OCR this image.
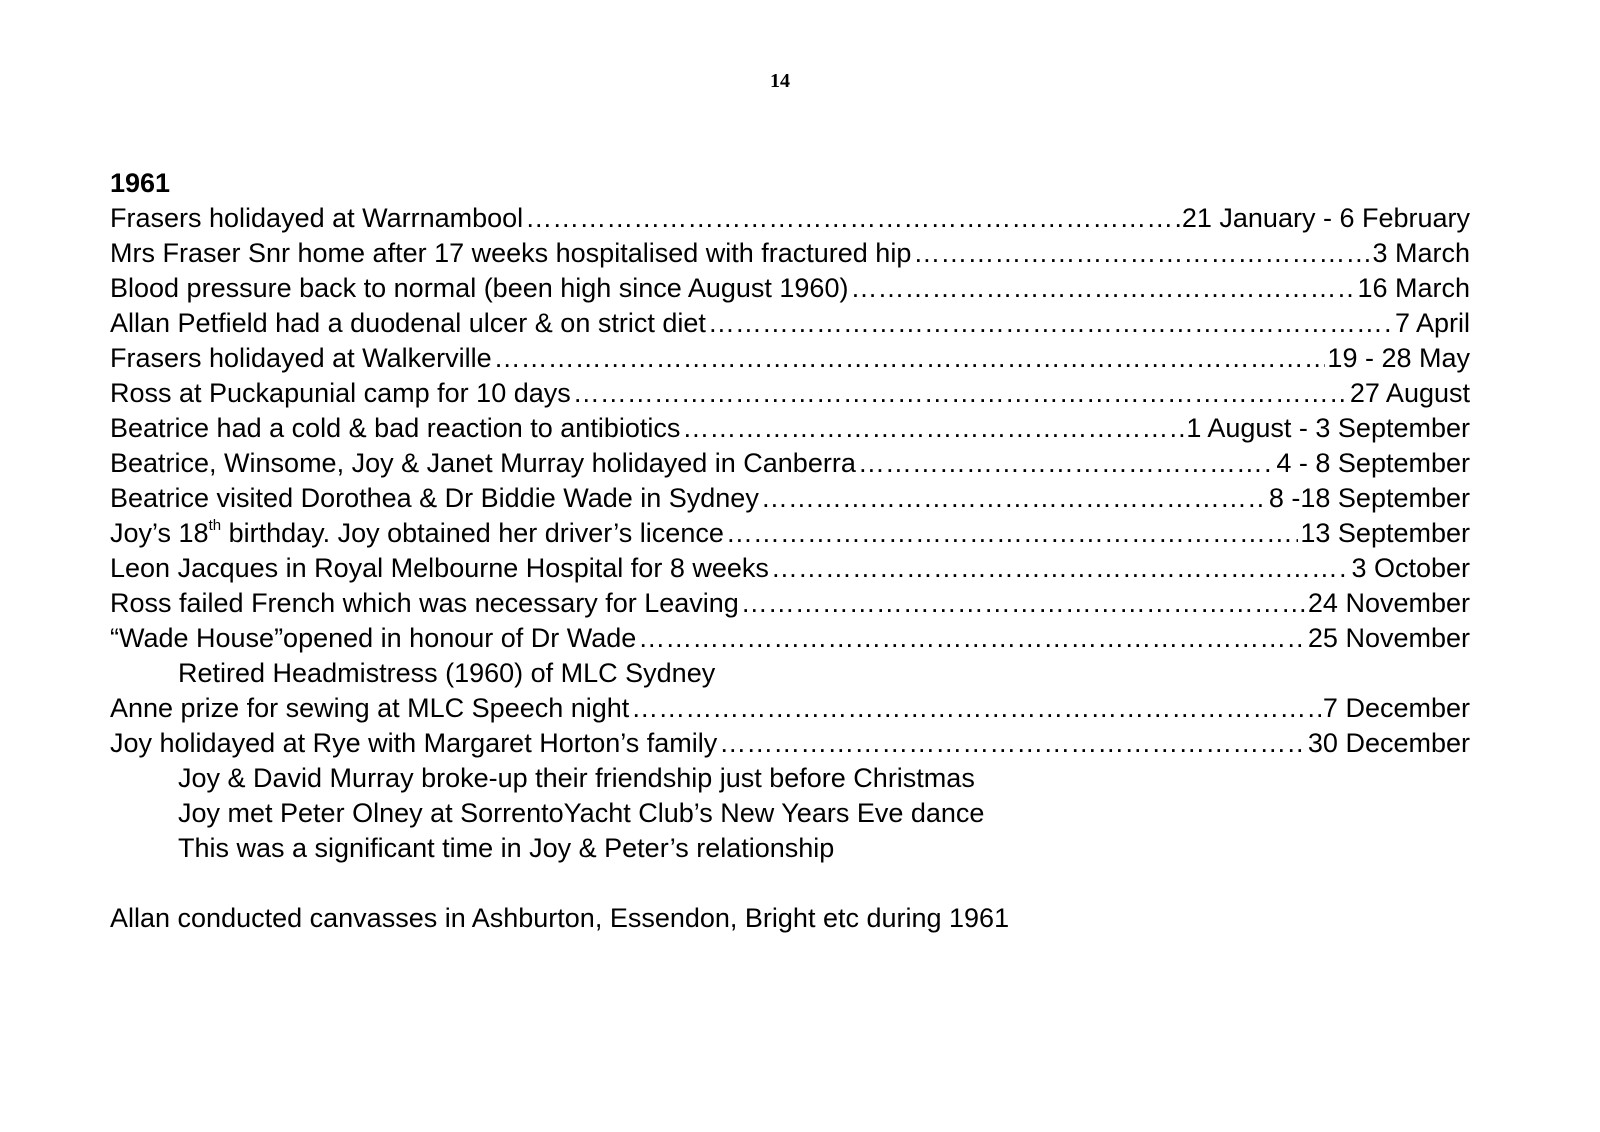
14
1961
Frasers holidayed at Warrnambool ……………………………………………………………………………………………………………………………………………………………………	21 January - 6 February
Mrs Fraser Snr home after 17 weeks hospitalised with fractured hip ……………………………………………………………………………………………………………………………………………………………………	3 March
Blood pressure back to normal (been high since August 1960) ……………………………………………………………………………………………………………………………………………………………………	16 March
Allan Petfield had a duodenal ulcer & on strict diet ……………………………………………………………………………………………………………………………………………………………………	7 April
Frasers holidayed at Walkerville ……………………………………………………………………………………………………………………………………………………………………	19 - 28 May
Ross at Puckapunial camp for 10 days ……………………………………………………………………………………………………………………………………………………………………	27 August
Beatrice had a cold & bad reaction to antibiotics ……………………………………………………………………………………………………………………………………………………………………	1 August - 3 September
Beatrice, Winsome, Joy & Janet Murray holidayed in Canberra ……………………………………………………………………………………………………………………………………………………………………	4 - 8 September
Beatrice visited Dorothea & Dr Biddie Wade in Sydney ……………………………………………………………………………………………………………………………………………………………………	8 -18 September
Joy’s 18th birthday. Joy obtained her driver’s licence ……………………………………………………………………………………………………………………………………………………………………	13 September
Leon Jacques in Royal Melbourne Hospital for 8 weeks ……………………………………………………………………………………………………………………………………………………………………	3 October
Ross failed French which was necessary for Leaving ……………………………………………………………………………………………………………………………………………………………………	24 November
“Wade House”opened in honour of Dr Wade ……………………………………………………………………………………………………………………………………………………………………	25 November
Retired Headmistress (1960) of MLC Sydney
Anne prize for sewing at MLC Speech night ……………………………………………………………………………………………………………………………………………………………………	7 December
Joy holidayed at Rye with Margaret Horton’s family ……………………………………………………………………………………………………………………………………………………………………	30 December
Joy & David Murray broke-up their friendship just before Christmas
Joy met Peter Olney at SorrentoYacht Club’s New Years Eve dance
This was a significant time in Joy & Peter’s relationship
Allan conducted canvasses in Ashburton, Essendon, Bright etc during 1961
